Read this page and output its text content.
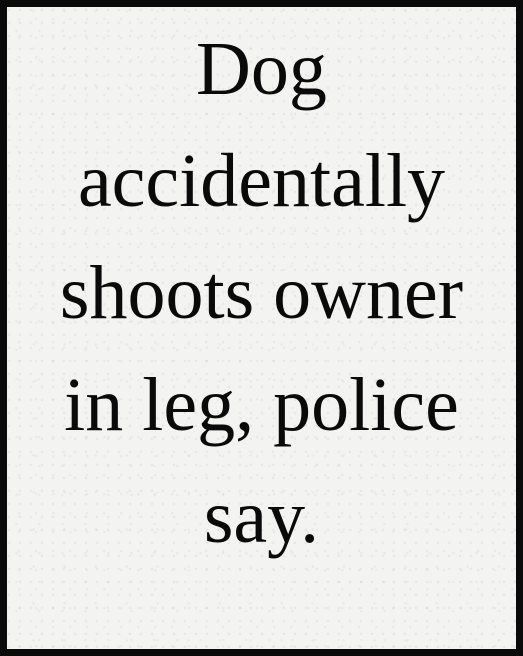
Dog
accidentally
shoots owner
in leg, police
say.
